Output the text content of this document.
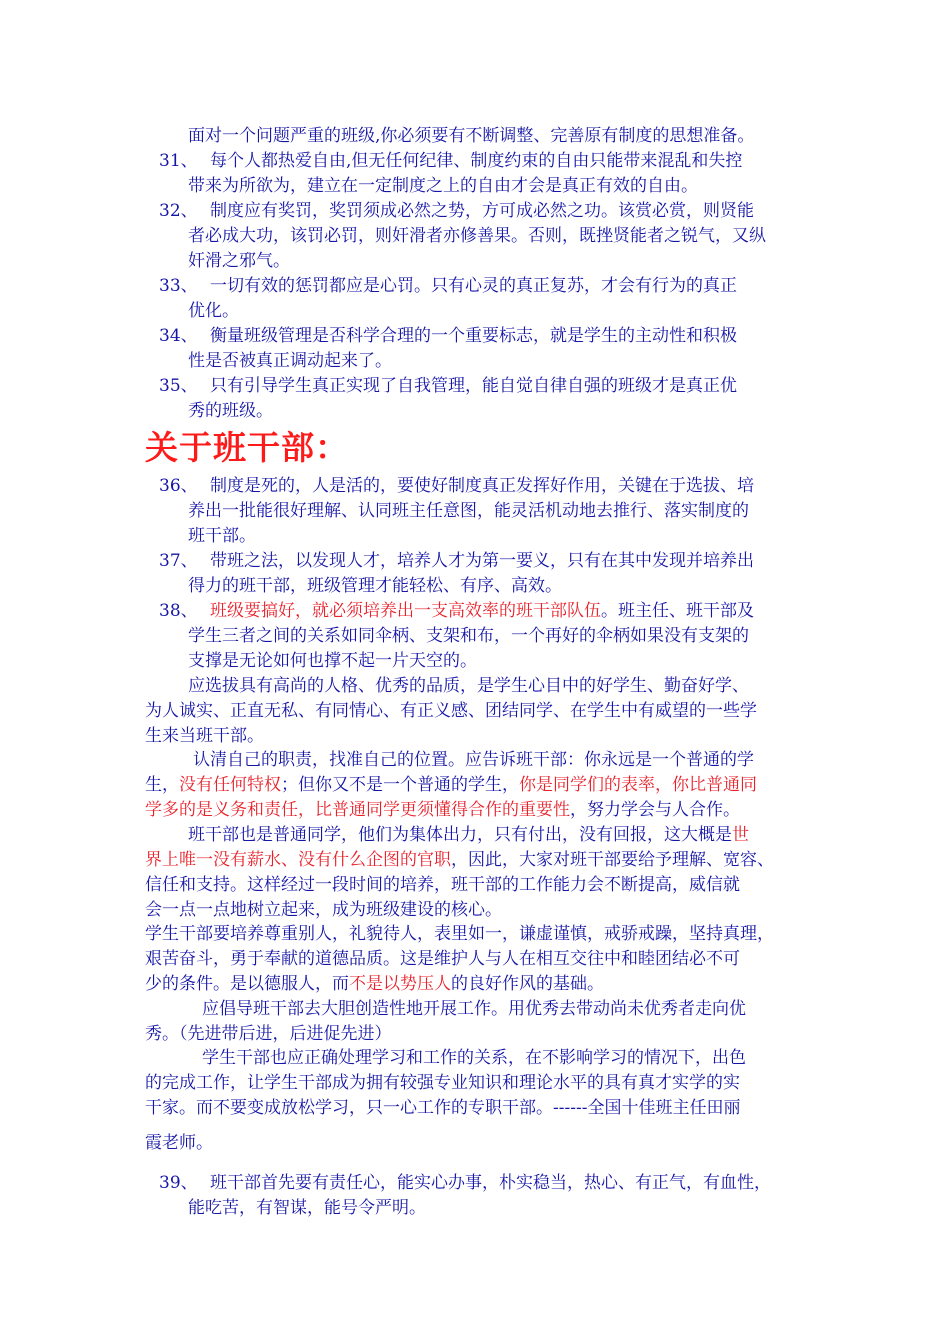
面对一个问题严重的班级,你必须要有不断调整、完善原有制度的思想准备。
31、 每个人都热爱自由,但无任何纪律、制度约束的自由只能带来混乱和失控
带来为所欲为，建立在一定制度之上的自由才会是真正有效的自由。
32、 制度应有奖罚，奖罚须成必然之势，方可成必然之功。该赏必赏，则贤能
者必成大功，该罚必罚，则奸滑者亦修善果。否则，既挫贤能者之锐气，又纵
奸滑之邪气。
33、 一切有效的惩罚都应是心罚。只有心灵的真正复苏，才会有行为的真正
优化。
34、 衡量班级管理是否科学合理的一个重要标志，就是学生的主动性和积极
性是否被真正调动起来了。
35、 只有引导学生真正实现了自我管理，能自觉自律自强的班级才是真正优
秀的班级。
关于班干部：
36、 制度是死的，人是活的，要使好制度真正发挥好作用，关键在于选拔、培
养出一批能很好理解、认同班主任意图，能灵活机动地去推行、落实制度的
班干部。
37、 带班之法，以发现人才，培养人才为第一要义，只有在其中发现并培养出
得力的班干部，班级管理才能轻松、有序、高效。
38、 班级要搞好，就必须培养出一支高效率的班干部队伍。班主任、班干部及
学生三者之间的关系如同伞柄、支架和布，一个再好的伞柄如果没有支架的
支撑是无论如何也撑不起一片天空的。
应选拔具有高尚的人格、优秀的品质，是学生心目中的好学生、勤奋好学、
为人诚实、正直无私、有同情心、有正义感、团结同学、在学生中有威望的一些学
生来当班干部。
认清自己的职责，找准自己的位置。应告诉班干部：你永远是一个普通的学
生，没有任何特权；但你又不是一个普通的学生，你是同学们的表率，你比普通同
学多的是义务和责任，比普通同学更须懂得合作的重要性，努力学会与人合作。
班干部也是普通同学，他们为集体出力，只有付出，没有回报，这大概是世
界上唯一没有薪水、没有什么企图的官职，因此，大家对班干部要给予理解、宽容、
信任和支持。这样经过一段时间的培养，班干部的工作能力会不断提高，威信就
会一点一点地树立起来，成为班级建设的核心。
学生干部要培养尊重别人，礼貌待人，表里如一，谦虚谨慎，戒骄戒躁，坚持真理，
艰苦奋斗，勇于奉献的道德品质。这是维护人与人在相互交往中和睦团结必不可
少的条件。是以德服人，而不是以势压人的良好作风的基础。
应倡导班干部去大胆创造性地开展工作。用优秀去带动尚未优秀者走向优
秀。（先进带后进，后进促先进）
学生干部也应正确处理学习和工作的关系，在不影响学习的情况下，出色
的完成工作，让学生干部成为拥有较强专业知识和理论水平的具有真才实学的实
干家。而不要变成放松学习，只一心工作的专职干部。------全国十佳班主任田丽
霞老师。
39、 班干部首先要有责任心，能实心办事，朴实稳当，热心、有正气，有血性，
能吃苦，有智谋，能号令严明。
